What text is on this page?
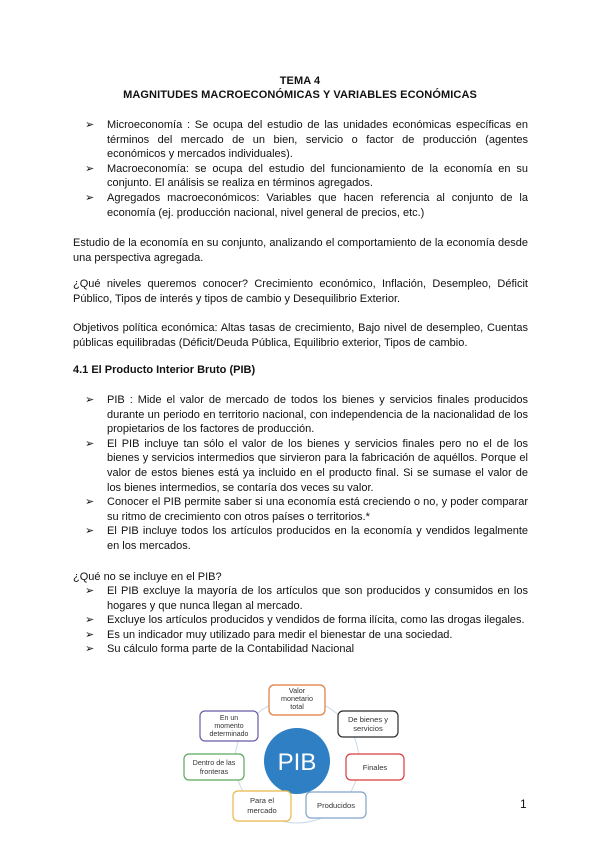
TEMA 4
MAGNITUDES MACROECONÓMICAS Y VARIABLES ECONÓMICAS
➢ Microeconomía : Se ocupa del estudio de las unidades económicas específicas en términos del mercado de un bien, servicio o factor de producción (agentes económicos y mercados individuales).
➢ Macroeconomía: se ocupa del estudio del funcionamiento de la economía en su conjunto. El análisis se realiza en términos agregados.
➢ Agregados macroeconómicos: Variables que hacen referencia al conjunto de la economía (ej. producción nacional, nivel general de precios, etc.)
Estudio de la economía en su conjunto, analizando el comportamiento de la economía desde una perspectiva agregada.
¿Qué niveles queremos conocer? Crecimiento económico, Inflación, Desempleo, Déficit Público, Tipos de interés y tipos de cambio y Desequilibrio Exterior.
Objetivos política económica: Altas tasas de crecimiento, Bajo nivel de desempleo, Cuentas públicas equilibradas (Déficit/Deuda Pública, Equilibrio exterior, Tipos de cambio.
4.1 El Producto Interior Bruto (PIB)
➢ PIB : Mide el valor de mercado de todos los bienes y servicios finales producidos durante un periodo en territorio nacional, con independencia de la nacionalidad de los propietarios de los factores de producción.
➢ El PIB incluye tan sólo el valor de los bienes y servicios finales pero no el de los bienes y servicios intermedios que sirvieron para la fabricación de aquéllos. Porque el valor de estos bienes está ya incluido en el producto final. Si se sumase el valor de los bienes intermedios, se contaría dos veces su valor.
➢ Conocer el PIB permite saber si una economía está creciendo o no, y poder comparar su ritmo de crecimiento con otros países o territorios.*
➢ El PIB incluye todos los artículos producidos en la economía y vendidos legalmente en los mercados.
¿Qué no se incluye en el PIB?
➢ El PIB excluye la mayoría de los artículos que son producidos y consumidos en los hogares y que nunca llegan al mercado.
➢ Excluye los artículos producidos y vendidos de forma ilícita, como las drogas ilegales.
➢ Es un indicador muy utilizado para medir el bienestar de una sociedad.
➢ Su cálculo forma parte de la Contabilidad Nacional
PIB
Valor
monetario
total
De bienes y
servicios
Finales
Producidos
Para el
mercado
Dentro de las
fronteras
En un
momento
determinado
1
